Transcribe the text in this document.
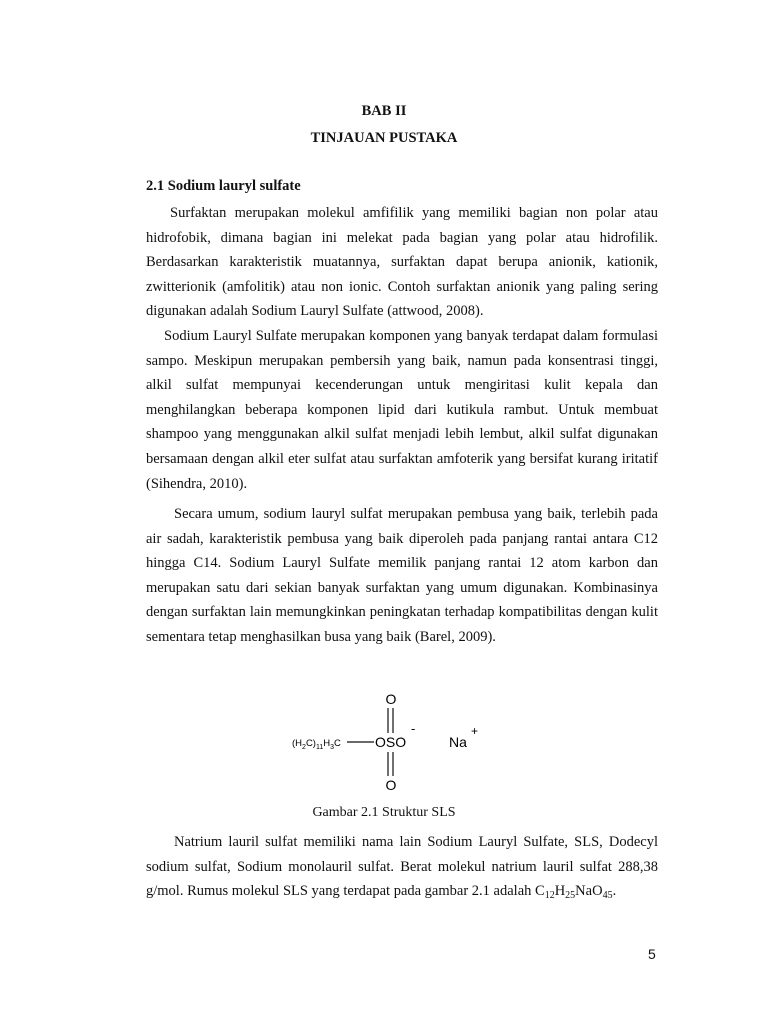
BAB II
TINJAUAN PUSTAKA
2.1 Sodium lauryl sulfate

Surfaktan merupakan molekul amfifilik yang memiliki bagian non polar atau hidrofobik, dimana bagian ini melekat pada bagian yang polar atau hidrofilik. Berdasarkan karakteristik muatannya, surfaktan dapat berupa anionik, kationik, zwitterionik (amfolitik) atau non ionic. Contoh surfaktan anionik yang paling sering digunakan adalah Sodium Lauryl Sulfate (attwood, 2008).

Sodium Lauryl Sulfate merupakan komponen yang banyak terdapat dalam formulasi sampo. Meskipun merupakan pembersih yang baik, namun pada konsentrasi tinggi, alkil sulfat mempunyai kecenderungan untuk mengiritasi kulit kepala dan menghilangkan beberapa komponen lipid dari kutikula rambut. Untuk membuat shampoo yang menggunakan alkil sulfat menjadi lebih lembut, alkil sulfat digunakan bersamaan dengan alkil eter sulfat atau surfaktan amfoterik yang bersifat kurang iritatif (Sihendra, 2010).

Secara umum, sodium lauryl sulfat merupakan pembusa yang baik, terlebih pada air sadah, karakteristik pembusa yang baik diperoleh pada panjang rantai antara C12 hingga C14. Sodium Lauryl Sulfate memilik panjang rantai 12 atom karbon dan merupakan satu dari sekian banyak surfaktan yang umum digunakan. Kombinasinya dengan surfaktan lain memungkinkan peningkatan terhadap kompatibilitas dengan kulit sementara tetap menghasilkan busa yang baik (Barel, 2009).

O
$(H_2C)_{11}H_3C$ OSO
-
O
Na
+
Gambar 2.1 Struktur SLS

Natrium lauril sulfat memiliki nama lain Sodium Lauryl Sulfate, SLS, Dodecyl sodium sulfat, Sodium monolauril sulfat. Berat molekul natrium lauril sulfat 288,38 g/mol. Rumus molekul SLS yang terdapat pada gambar 2.1 adalah $C_{12}H_{25}NaO_{45}$.

5
